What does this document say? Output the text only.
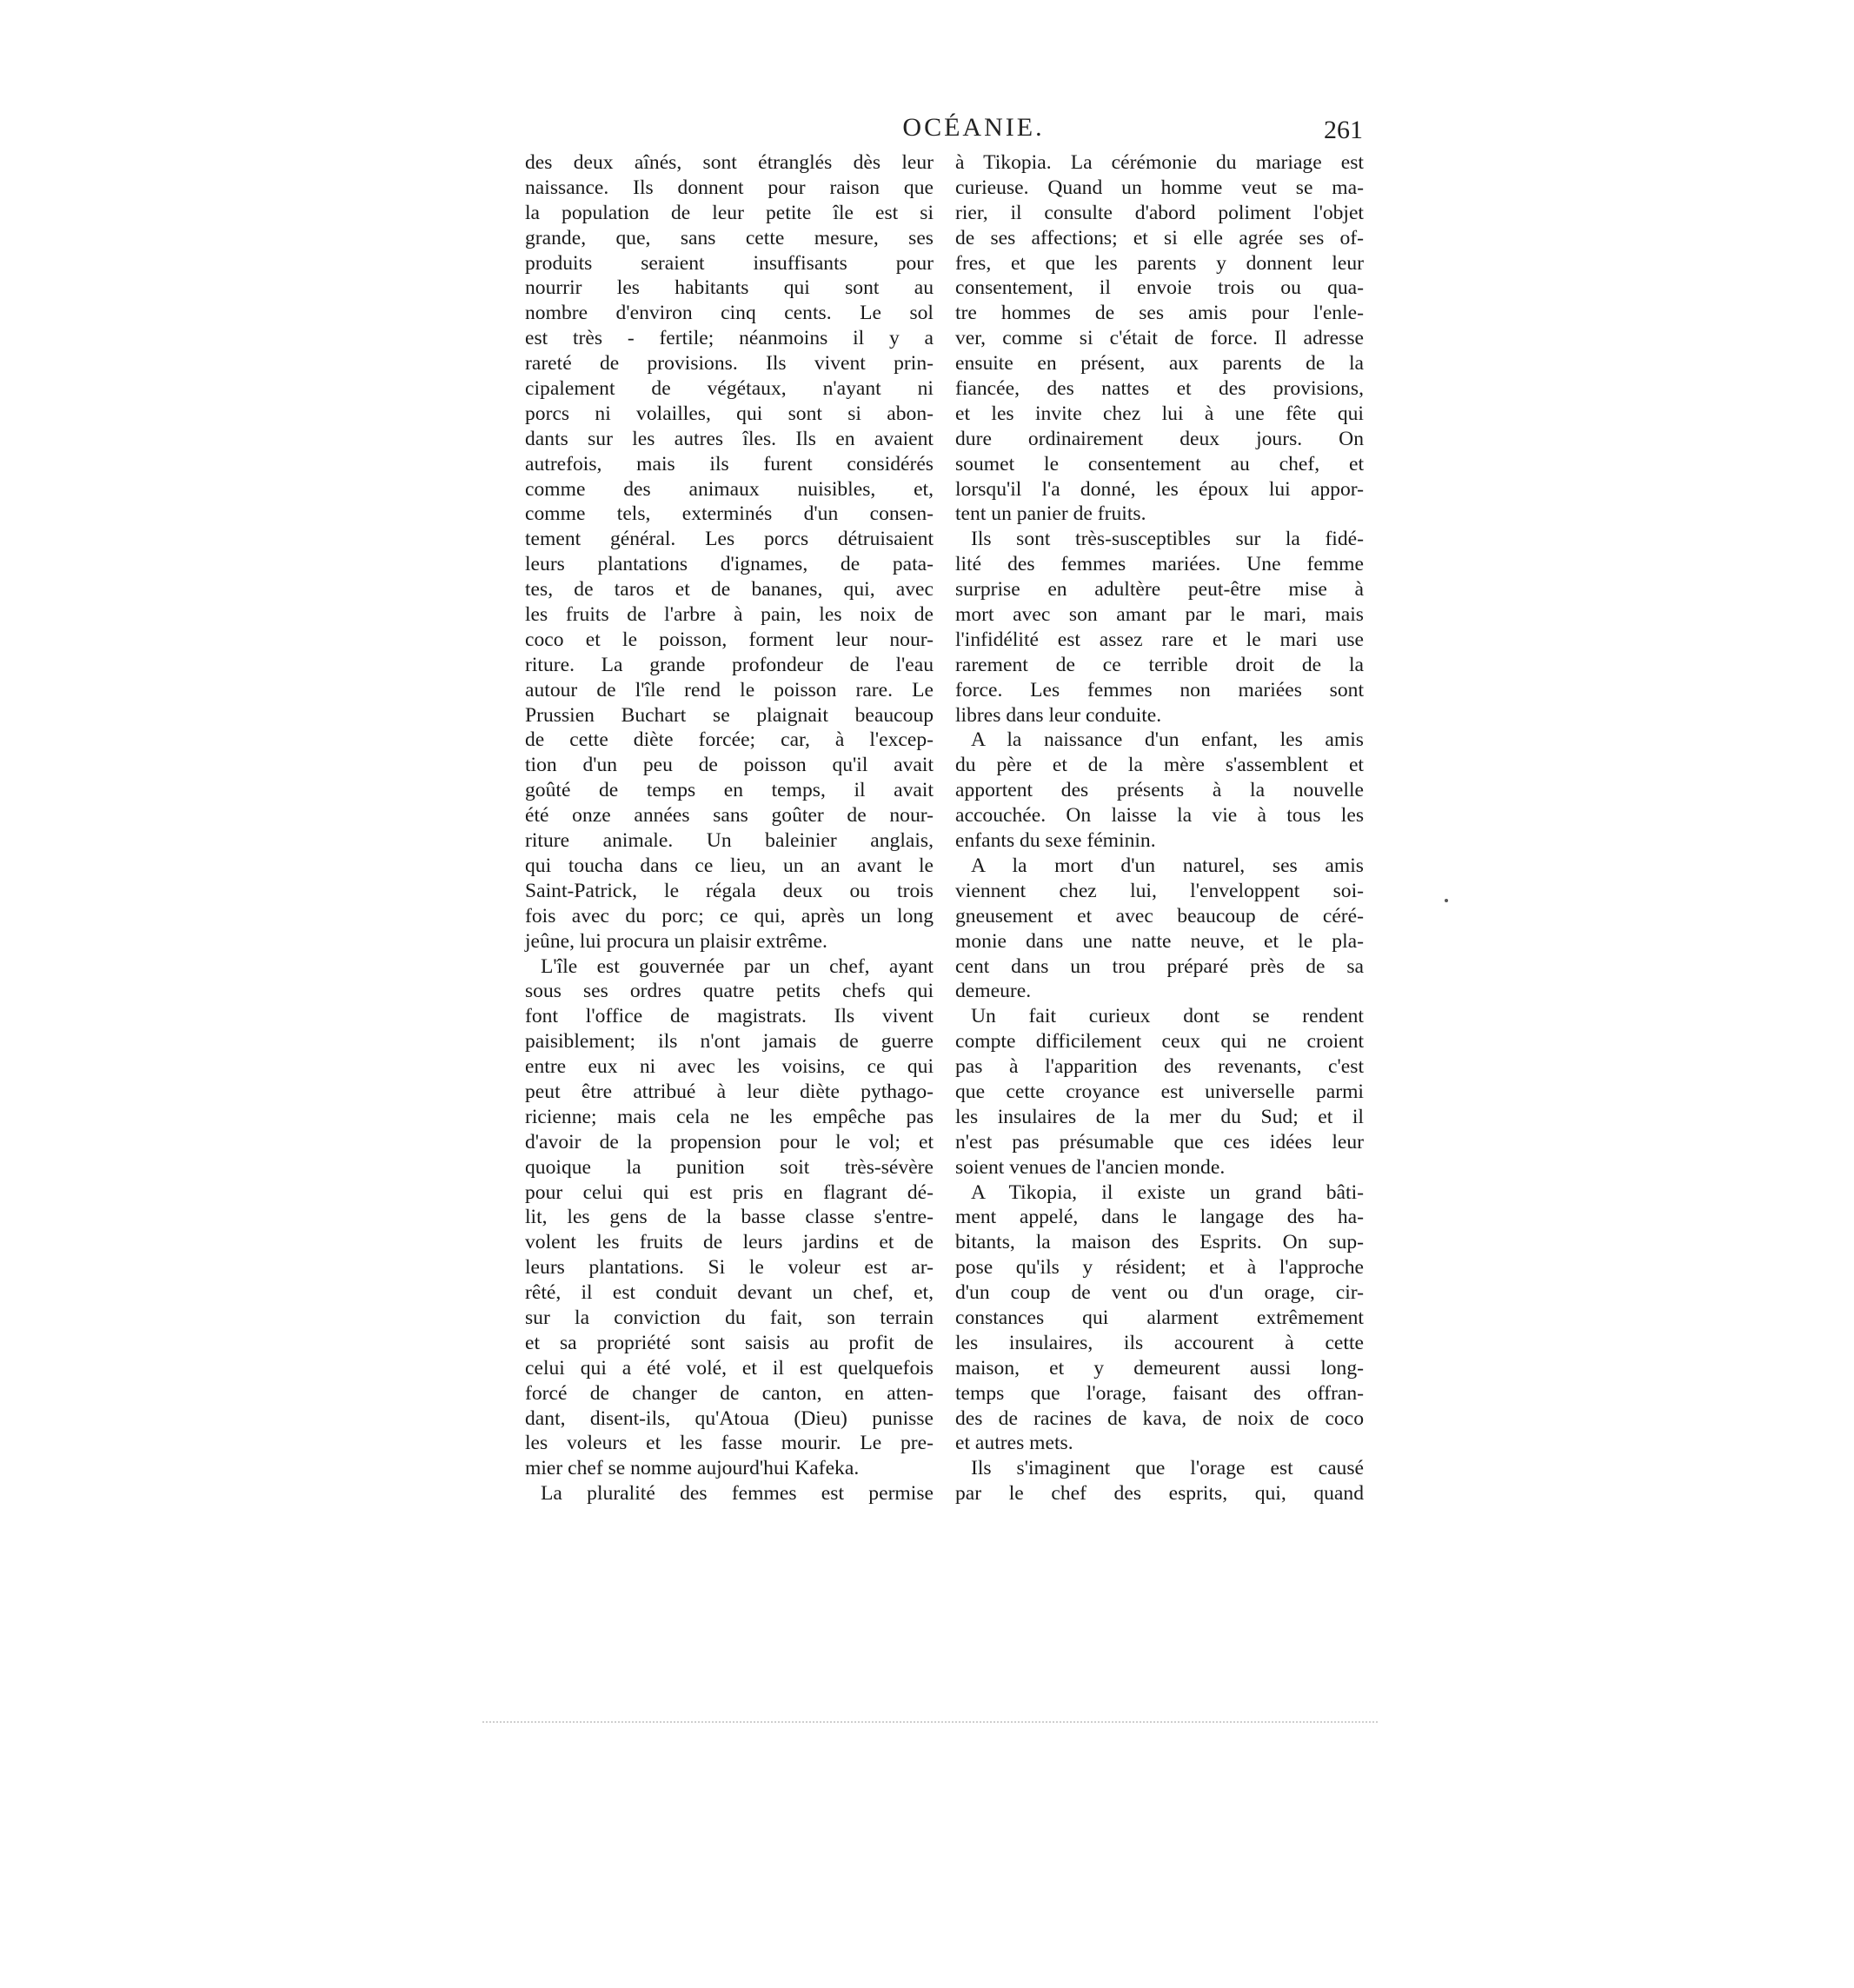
OCÉANIE.	261
des deux aînés, sont étranglés dès leur
naissance. Ils donnent pour raison que
la population de leur petite île est si
grande, que, sans cette mesure, ses
produits seraient insuffisants pour
nourrir les habitants qui sont au
nombre d'environ cinq cents. Le sol
est très - fertile; néanmoins il y a
rareté de provisions. Ils vivent prin-
cipalement de végétaux, n'ayant ni
porcs ni volailles, qui sont si abon-
dants sur les autres îles. Ils en avaient
autrefois, mais ils furent considérés
comme des animaux nuisibles, et,
comme tels, exterminés d'un consen-
tement général. Les porcs détruisaient
leurs plantations d'ignames, de pata-
tes, de taros et de bananes, qui, avec
les fruits de l'arbre à pain, les noix de
coco et le poisson, forment leur nour-
riture. La grande profondeur de l'eau
autour de l'île rend le poisson rare. Le
Prussien Buchart se plaignait beaucoup
de cette diète forcée; car, à l'excep-
tion d'un peu de poisson qu'il avait
goûté de temps en temps, il avait
été onze années sans goûter de nour-
riture animale. Un baleinier anglais,
qui toucha dans ce lieu, un an avant le
Saint-Patrick, le régala deux ou trois
fois avec du porc; ce qui, après un long
jeûne, lui procura un plaisir extrême.
L'île est gouvernée par un chef, ayant
sous ses ordres quatre petits chefs qui
font l'office de magistrats. Ils vivent
paisiblement; ils n'ont jamais de guerre
entre eux ni avec les voisins, ce qui
peut être attribué à leur diète pythago-
ricienne; mais cela ne les empêche pas
d'avoir de la propension pour le vol; et
quoique la punition soit très-sévère
pour celui qui est pris en flagrant dé-
lit, les gens de la basse classe s'entre-
volent les fruits de leurs jardins et de
leurs plantations. Si le voleur est ar-
rêté, il est conduit devant un chef, et,
sur la conviction du fait, son terrain
et sa propriété sont saisis au profit de
celui qui a été volé, et il est quelquefois
forcé de changer de canton, en atten-
dant, disent-ils, qu'Atoua (Dieu) punisse
les voleurs et les fasse mourir. Le pre-
mier chef se nomme aujourd'hui Kafeka.
La pluralité des femmes est permise
à Tikopia. La cérémonie du mariage est
curieuse. Quand un homme veut se ma-
rier, il consulte d'abord poliment l'objet
de ses affections; et si elle agrée ses of-
fres, et que les parents y donnent leur
consentement, il envoie trois ou qua-
tre hommes de ses amis pour l'enle-
ver, comme si c'était de force. Il adresse
ensuite en présent, aux parents de la
fiancée, des nattes et des provisions,
et les invite chez lui à une fête qui
dure ordinairement deux jours. On
soumet le consentement au chef, et
lorsqu'il l'a donné, les époux lui appor-
tent un panier de fruits.
Ils sont très-susceptibles sur la fidé-
lité des femmes mariées. Une femme
surprise en adultère peut-être mise à
mort avec son amant par le mari, mais
l'infidélité est assez rare et le mari use
rarement de ce terrible droit de la
force. Les femmes non mariées sont
libres dans leur conduite.
A la naissance d'un enfant, les amis
du père et de la mère s'assemblent et
apportent des présents à la nouvelle
accouchée. On laisse la vie à tous les
enfants du sexe féminin.
A la mort d'un naturel, ses amis
viennent chez lui, l'enveloppent soi-
gneusement et avec beaucoup de céré-
monie dans une natte neuve, et le pla-
cent dans un trou préparé près de sa
demeure.
Un fait curieux dont se rendent
compte difficilement ceux qui ne croient
pas à l'apparition des revenants, c'est
que cette croyance est universelle parmi
les insulaires de la mer du Sud; et il
n'est pas présumable que ces idées leur
soient venues de l'ancien monde.
A Tikopia, il existe un grand bâti-
ment appelé, dans le langage des ha-
bitants, la maison des Esprits. On sup-
pose qu'ils y résident; et à l'approche
d'un coup de vent ou d'un orage, cir-
constances qui alarment extrêmement
les insulaires, ils accourent à cette
maison, et y demeurent aussi long-
temps que l'orage, faisant des offran-
des de racines de kava, de noix de coco
et autres mets.
Ils s'imaginent que l'orage est causé
par le chef des esprits, qui, quand
